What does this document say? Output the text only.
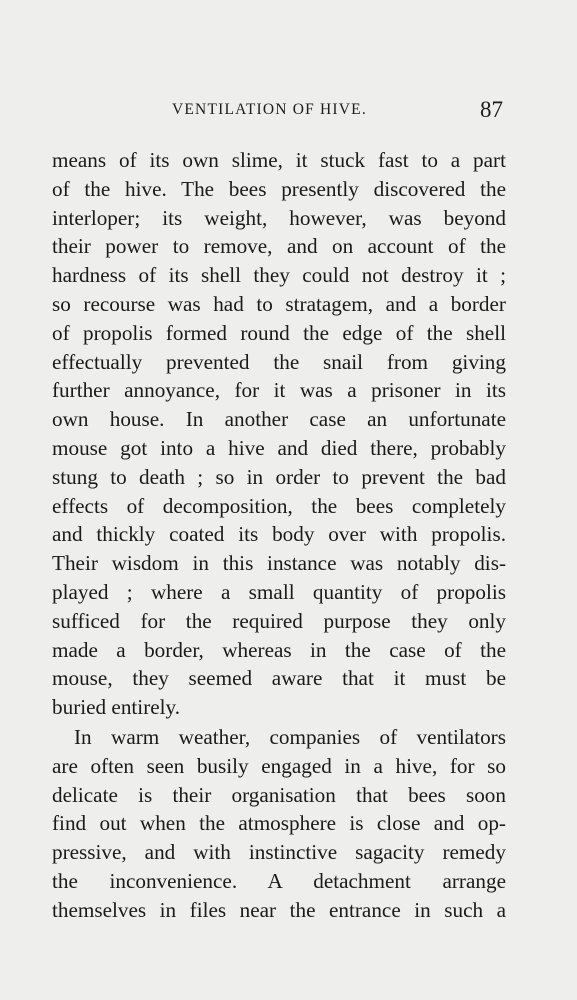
VENTILATION OF HIVE.	87
means of its own slime, it stuck fast to a part
of the hive. The bees presently discovered the
interloper; its weight, however, was beyond
their power to remove, and on account of the
hardness of its shell they could not destroy it ;
so recourse was had to stratagem, and a border
of propolis formed round the edge of the shell
effectually prevented the snail from giving
further annoyance, for it was a prisoner in its
own house. In another case an unfortunate
mouse got into a hive and died there, probably
stung to death ; so in order to prevent the bad
effects of decomposition, the bees completely
and thickly coated its body over with propolis.
Their wisdom in this instance was notably dis-
played ; where a small quantity of propolis
sufficed for the required purpose they only
made a border, whereas in the case of the
mouse, they seemed aware that it must be
buried entirely.
In warm weather, companies of ventilators
are often seen busily engaged in a hive, for so
delicate is their organisation that bees soon
find out when the atmosphere is close and op-
pressive, and with instinctive sagacity remedy
the inconvenience. A detachment arrange
themselves in files near the entrance in such a
